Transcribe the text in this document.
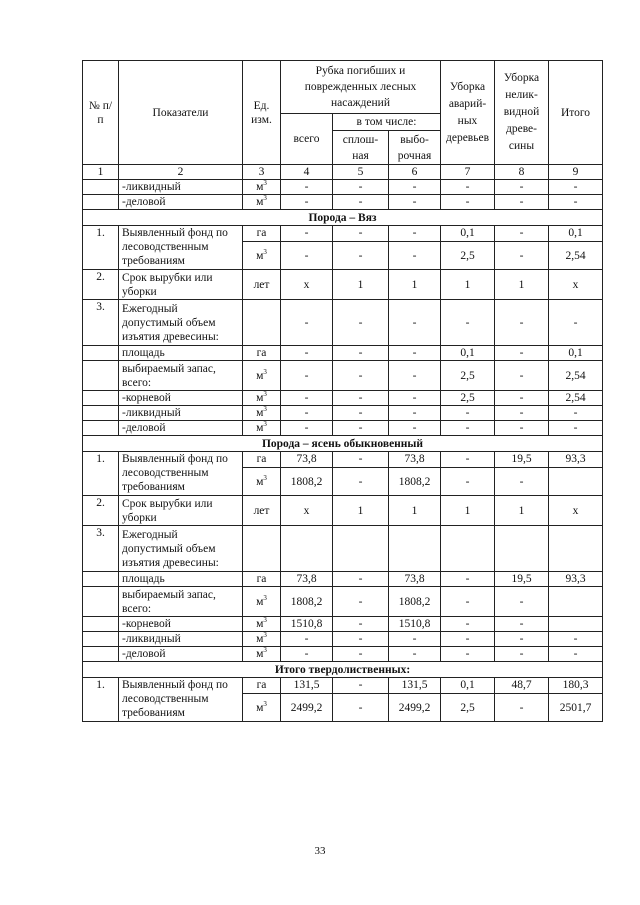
№ п/п	Показатели	Ед. изм.	Рубка погибших и поврежденных лесных насаждений			Уборка аварий-ных деревьев	Уборка нелик-видной древе-сины	Итого
			всего	в том числе:				
				сплош-ная	выбо-рочная			
1	2	3	4	5	6	7	8	9
	-ликвидный	$м^3$	-	-	-	-	-	-
	-деловой	$м^3$	-	-	-	-	-	-
Порода – Вяз								
1.	Выявленный фонд по лесоводственным требованиям	га	-	-	-	0,1	-	0,1
		$м^3$	-	-	-	2,5	-	2,54
2.	Срок вырубки или уборки	лет	х	1	1	1	1	х
3.	Ежегодный допустимый объем изъятия древесины:		-	-	-	-	-	-
	площадь	га	-	-	-	0,1	-	0,1
	выбираемый запас, всего:	$м^3$	-	-	-	2,5	-	2,54
	-корневой	$м^3$	-	-	-	2,5	-	2,54
	-ликвидный	$м^3$	-	-	-	-	-	-
	-деловой	$м^3$	-	-	-	-	-	-
Порода – ясень обыкновенный								
1.	Выявленный фонд по лесоводственным требованиям	га	73,8	-	73,8	-	19,5	93,3
		$м^3$	1808,2	-	1808,2	-	-	
2.	Срок вырубки или уборки	лет	х	1	1	1	1	х
3.	Ежегодный допустимый объем изъятия древесины:							
	площадь	га	73,8	-	73,8	-	19,5	93,3
	выбираемый запас, всего:	$м^3$	1808,2	-	1808,2	-	-	
	-корневой	$м^3$	1510,8	-	1510,8	-	-	
	-ликвидный	$м^3$	-	-	-	-	-	-
	-деловой	$м^3$	-	-	-	-	-	-
Итого твердолиственных:								
1.	Выявленный фонд по лесоводственным требованиям	га	131,5	-	131,5	0,1	48,7	180,3
		$м^3$	2499,2	-	2499,2	2,5	-	2501,7
33
